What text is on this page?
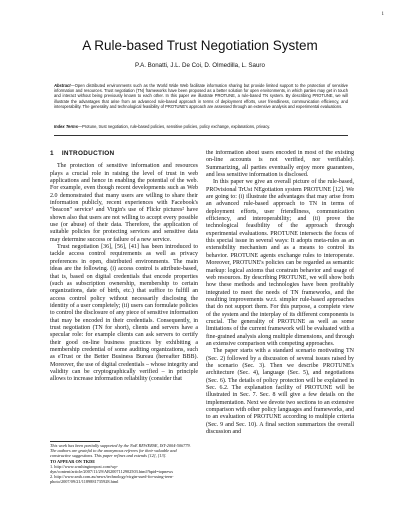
1
A Rule-based Trust Negotiation System
P.A. Bonatti, J.L. De Coi, D. Olmedilla, L. Sauro
Abstract—Open distributed environments such as the World Wide Web facilitate information sharing but provide limited support to the protection of sensitive information and resources. Trust negotiation (TN) frameworks have been proposed as a better solution for open environments, in which parties may get in touch and interact without being previously known to each other. In this paper we illustrate PROTUNE, a rule-based TN system. By describing PROTUNE, we will illustrate the advantages that arise from an advanced rule-based approach in terms of deployment efforts, user friendliness, communication efficiency, and interoperability. The generality and technological feasibility of PROTUNE's approach are assessed through an extensive analysis and experimental evaluations.
Index Terms—Protune, trust negotiation, rule-based policies, sensitive policies, policy exchange, explanations, privacy.
1 INTRODUCTION

The protection of sensitive information and resources plays a crucial role in raising the level of trust in web applications and hence in enabling the potential of the web. For example, even though recent developments such as Web 2.0 demonstrated that many users are willing to share their information publicly, recent experiences with Facebook's "beacon" service¹ and Virgin's use of Flickr pictures² have shown also that users are not willing to accept every possible use (or abuse) of their data. Therefore, the application of suitable policies for protecting services and sensitive data may determine success or failure of a new service.

Trust negotiation [36], [56], [41] has been introduced to tackle access control requirements as well as privacy preferences in open, distributed environments. The main ideas are the following. (i) access control is attribute-based, that is, based on digital credentials that encode properties (such as subscription ownership, membership to certain organizations, date of birth, etc.) that suffice to fulfill an access control policy without necessarily disclosing the identity of a user completely; (ii) users can formulate policies to control the disclosure of any piece of sensitive information that may be encoded in their credentials. Consequently, in trust negotiation (TN for short), clients and servers have a specular role: for example clients can ask servers to certify their good on-line business practices by exhibiting a membership credential of some auditing organizations, such as eTrust or the Better Business Bureau (hereafter BBB). Moreover, the use of digital credentials – whose integrity and validity can be cryptographically verified – in principle allows to increase information reliability (consider that

the information about users encoded in most of the existing on-line accounts is not verified, nor verifiable). Summarizing, all parties eventually enjoy more guarantees, and less sensitive information is disclosed.

In this paper we give an overall picture of the rule-based, PROvisional TrUst NEgotiation system PROTUNE [12]. We are going to: (i) illustrate the advantages that may arise from an advanced rule-based approach to TN in terms of deployment efforts, user friendliness, communication efficiency, and interoperability; and (ii) prove the technological feasibility of the approach through experimental evaluations. PROTUNE intersects the focus of this special issue in several ways: It adopts meta-rules as an extensibility mechanism and as a means to control its behavior. PROTUNE agents exchange rules to interoperate. Moreover, PROTUNE's policies can be regarded as semantic markup: logical axioms that constrain behavior and usage of web resources. By describing PROTUNE, we will show both how these methods and technologies have been profitably integrated to meet the needs of TN frameworks, and the resulting improvements w.r.t. simpler rule-based approaches that do not support them. For this purpose, a complete view of the system and the interplay of its different components is crucial. The generality of PROTUNE as well as some limitations of the current framework will be evaluated with a fine-grained analysis along multiple dimensions, and through an extensive comparison with competing approaches.

The paper starts with a standard scenario motivating TN (Sec. 2) followed by a discussion of several issues raised by the scenario (Sec. 3). Then we describe PROTUNE's architecture (Sec. 4), language (Sec. 5), and negotiations (Sec. 6). The details of policy protection will be explained in Sec. 6.2. The explanation facility of PROTUNE will be illustrated in Sec. 7. Sec. 8 will give a few details on the implementation. Next we devote two sections to an extensive comparison with other policy languages and frameworks, and to an evaluation of PROTUNE according to multiple criteria (Sec. 9 and Sec. 10). A final section summarizes the overall discussion and

This work has been partially supported by the NoE REWERSE, IST-2004-506779. The authors are grateful to the anonymous referees for their valuable and constructive suggestions. This paper refines and extends [12], [13].
TO APPEAR ON TKDE
1. http://www.washingtonpost.com/wp-dyn/content/article/2007/11/29/AR2007112902503.html?hpid=topnews
2. http://www.smh.com.au/news/technology/virgin-sued-for-using-teen-photo/2007/09/21/1189881735928.html
